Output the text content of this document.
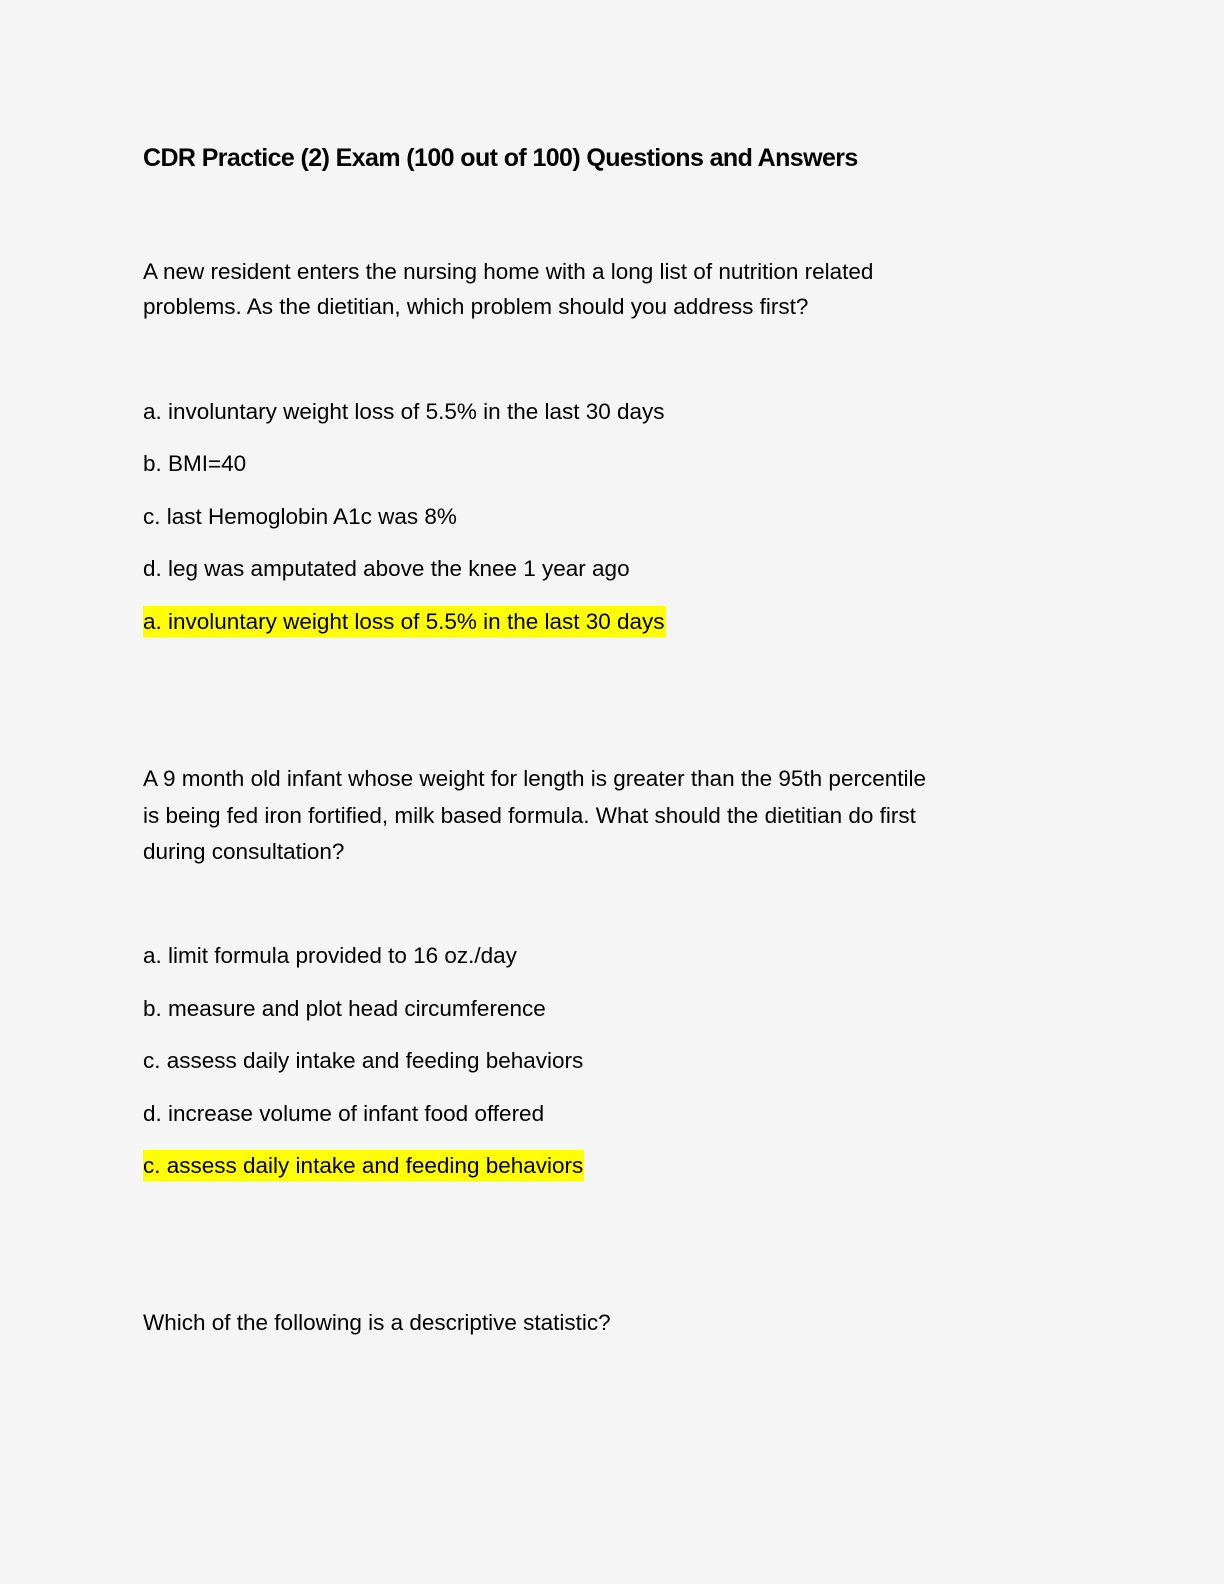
CDR Practice (2) Exam (100 out of 100) Questions and Answers
A new resident enters the nursing home with a long list of nutrition related
problems. As the dietitian, which problem should you address first?
a. involuntary weight loss of 5.5% in the last 30 days
b. BMI=40
c. last Hemoglobin A1c was 8%
d. leg was amputated above the knee 1 year ago
a. involuntary weight loss of 5.5% in the last 30 days
A 9 month old infant whose weight for length is greater than the 95th percentile
is being fed iron fortified, milk based formula. What should the dietitian do first
during consultation?
a. limit formula provided to 16 oz./day
b. measure and plot head circumference
c. assess daily intake and feeding behaviors
d. increase volume of infant food offered
c. assess daily intake and feeding behaviors
Which of the following is a descriptive statistic?
